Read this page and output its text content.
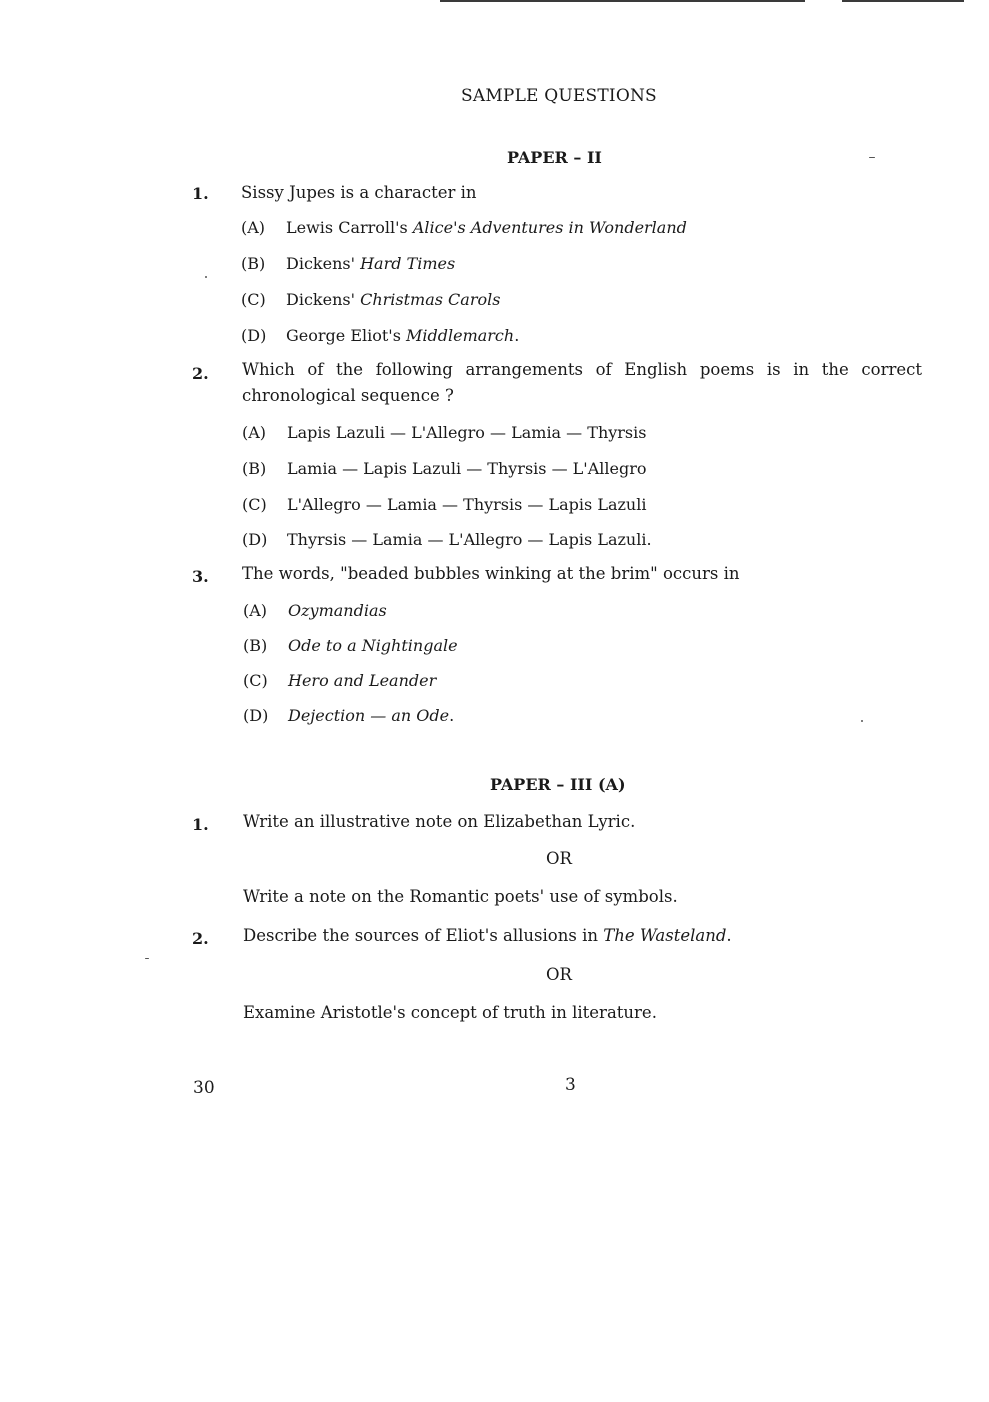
SAMPLE QUESTIONS
PAPER – II
1. Sissy Jupes is a character in
(A) Lewis Carroll's Alice's Adventures in Wonderland
(B) Dickens' Hard Times
(C) Dickens' Christmas Carols
(D) George Eliot's Middlemarch.
2. Which of the following arrangements of English poems is in the correct chronological sequence ?
(A) Lapis Lazuli — L'Allegro — Lamia — Thyrsis
(B) Lamia — Lapis Lazuli — Thyrsis — L'Allegro
(C) L'Allegro — Lamia — Thyrsis — Lapis Lazuli
(D) Thyrsis — Lamia — L'Allegro — Lapis Lazuli.
3. The words, "beaded bubbles winking at the brim" occurs in
(A) Ozymandias
(B) Ode to a Nightingale
(C) Hero and Leander
(D) Dejection — an Ode.
PAPER – III (A)
1. Write an illustrative note on Elizabethan Lyric.
OR
Write a note on the Romantic poets' use of symbols.
2. Describe the sources of Eliot's allusions in The Wasteland.
OR
Examine Aristotle's concept of truth in literature.
30	3
